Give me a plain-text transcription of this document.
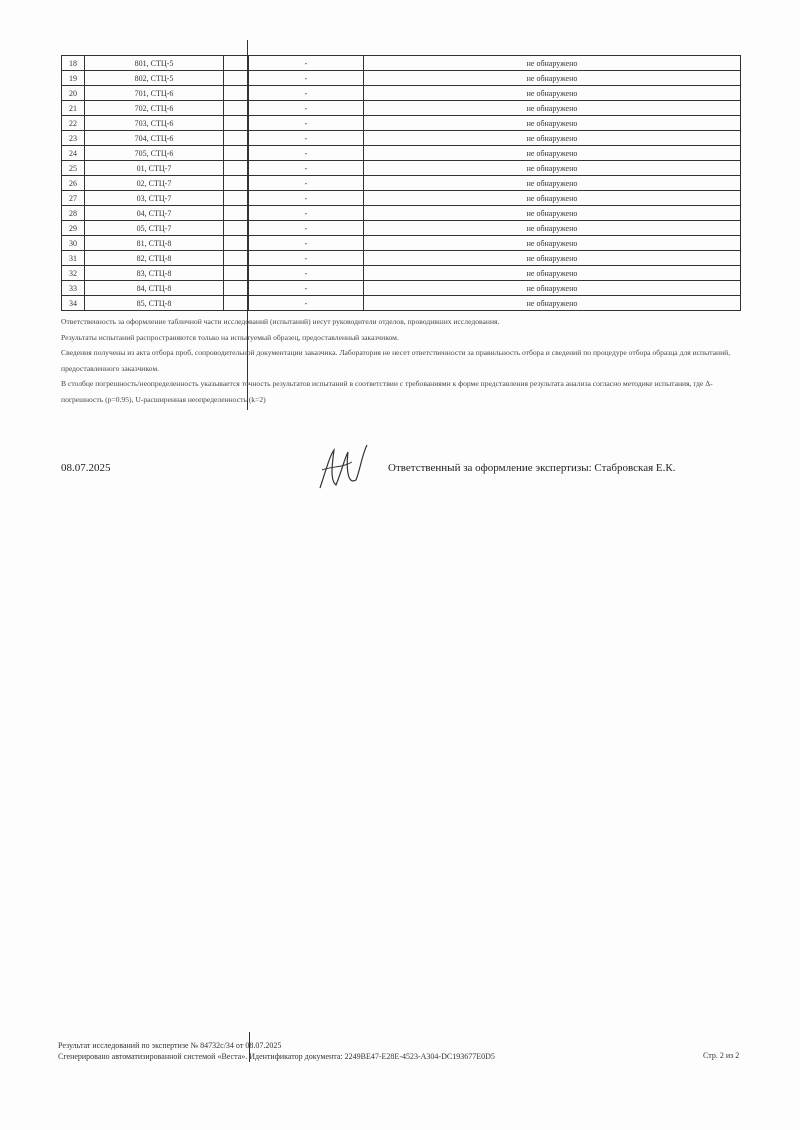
18	801, СТЦ-5		-	не обнаружено
19	802, СТЦ-5		-	не обнаружено
20	701, СТЦ-6		-	не обнаружено
21	702, СТЦ-6		-	не обнаружено
22	703, СТЦ-6		-	не обнаружено
23	704, СТЦ-6		-	не обнаружено
24	705, СТЦ-6		-	не обнаружено
25	01, СТЦ-7		-	не обнаружено
26	02, СТЦ-7		-	не обнаружено
27	03, СТЦ-7		-	не обнаружено
28	04, СТЦ-7		-	не обнаружено
29	05, СТЦ-7		-	не обнаружено
30	81, СТЦ-8		-	не обнаружено
31	82, СТЦ-8		-	не обнаружено
32	83, СТЦ-8		-	не обнаружено
33	84, СТЦ-8		-	не обнаружено
34	85, СТЦ-8		-	не обнаружено

Ответственность за оформление табличной части исследований (испытаний) несут руководители отделов, проводивших исследования.

Результаты испытаний распространяются только на испытуемый образец, предоставленный заказчиком.

Сведения получены из акта отбора проб, сопроводительной документации заказчика. Лаборатория не несет ответственности за правильность отбора и сведений по процедуре отбора образца для испытаний, предоставленного заказчиком.

В столбце погрешность/неопределенность указывается точность результатов испытаний в соответствии с требованиями к форме представления результата анализа согласно методике испытания, где Δ-погрешность (p=0.95), U-расширенная неопределенность (k=2)

08.07.2025	Ответственный за оформление экспертизы: Стабровская Е.К.
Результат исследований по экспертизе № 84732с/34 от 08.07.2025
Сгенерировано автоматизированной системой «Веста». Идентификатор документа: 2249BE47-E28E-4523-A304-DC193677E0D5	Стр. 2 из 2
